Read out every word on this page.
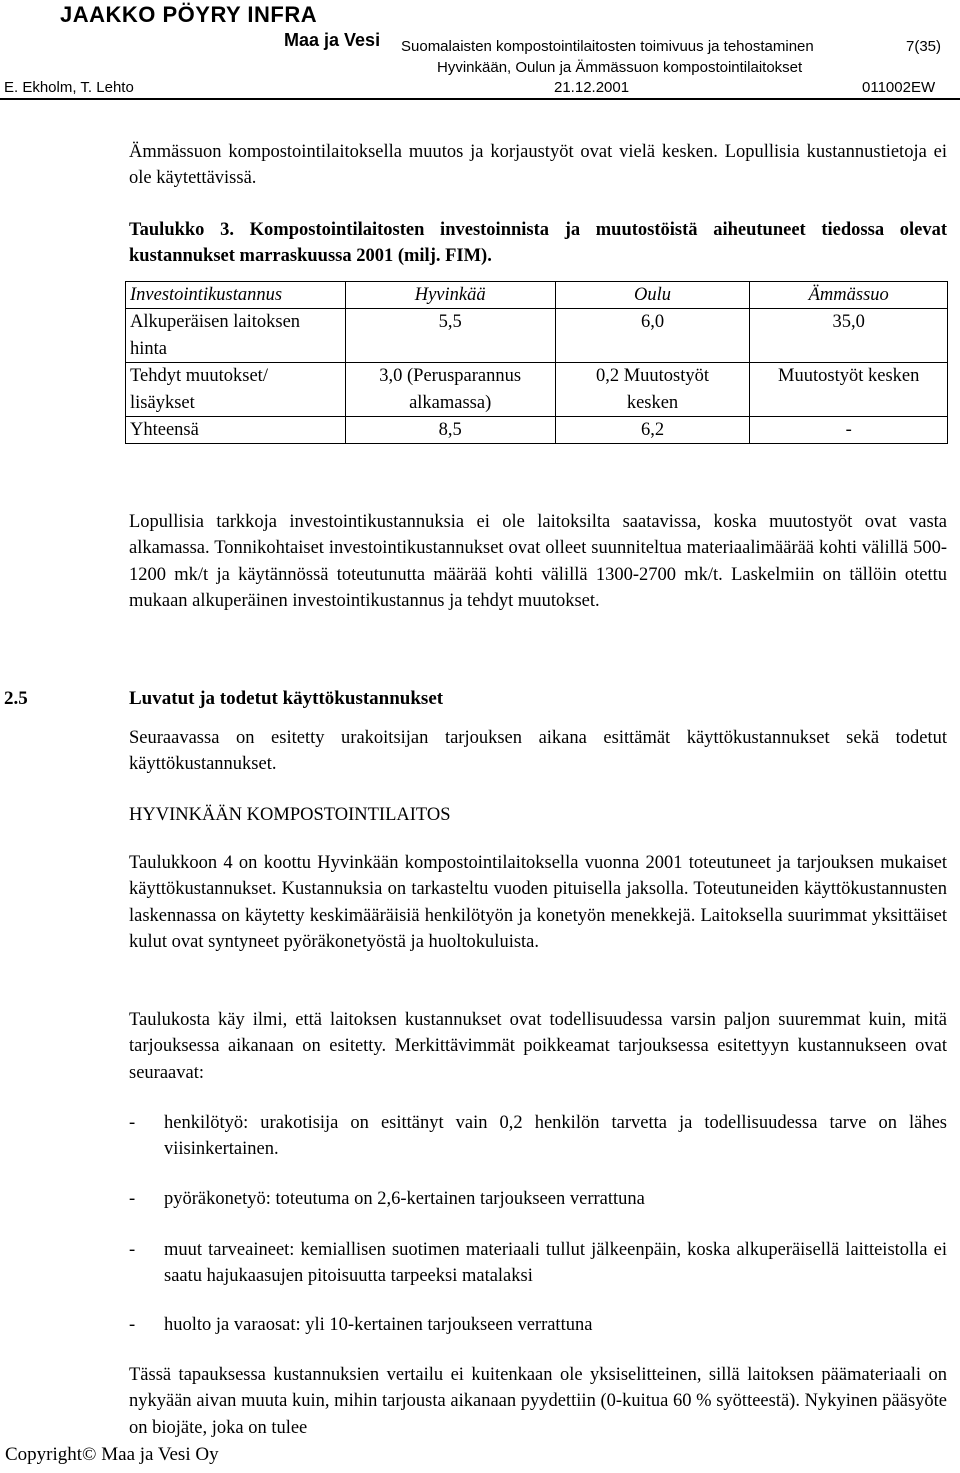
JAAKKO PÖYRY INFRA
Maa ja Vesi Suomalaisten kompostointilaitosten toimivuus ja tehostaminen	7(35)
Hyvinkään, Oulun ja Ämmässuon kompostointilaitokset
E. Ekholm, T. Lehto	21.12.2001	011002EW
Ämmässuon kompostointilaitoksella muutos ja korjaustyöt ovat vielä kesken. Lopullisia kustannustietoja ei ole käytettävissä.
Taulukko 3. Kompostointilaitosten investoinnista ja muutostöistä aiheutuneet tiedossa olevat kustannukset marraskuussa 2001 (milj. FIM).
Investointikustannus	Hyvinkää	Oulu	Ämmässuo
Alkuperäisen laitoksen hinta	5,5	6,0	35,0
Tehdyt muutokset/ lisäykset	3,0 (Perusparannus alkamassa)	0,2 Muutostyöt kesken	Muutostyöt kesken
Yhteensä	8,5	6,2	-
Lopullisia tarkkoja investointikustannuksia ei ole laitoksilta saatavissa, koska muutostyöt ovat vasta alkamassa. Tonnikohtaiset investointikustannukset ovat olleet suunniteltua materiaalimäärää kohti välillä 500-1200 mk/t ja käytännössä toteutunutta määrää kohti välillä 1300-2700 mk/t. Laskelmiin on tällöin otettu mukaan alkuperäinen investointikustannus ja tehdyt muutokset.
2.5	Luvatut ja todetut käyttökustannukset
Seuraavassa on esitetty urakoitsijan tarjouksen aikana esittämät käyttökustannukset sekä todetut käyttökustannukset.
HYVINKÄÄN KOMPOSTOINTILAITOS
Taulukkoon 4 on koottu Hyvinkään kompostointilaitoksella vuonna 2001 toteutuneet ja tarjouksen mukaiset käyttökustannukset. Kustannuksia on tarkasteltu vuoden pituisella jaksolla. Toteutuneiden käyttökustannusten laskennassa on käytetty keskimääräisiä henkilötyön ja konetyön menekkejä. Laitoksella suurimmat yksittäiset kulut ovat syntyneet pyöräkonetyöstä ja huoltokuluista.
Taulukosta käy ilmi, että laitoksen kustannukset ovat todellisuudessa varsin paljon suuremmat kuin, mitä tarjouksessa aikanaan on esitetty. Merkittävimmät poikkeamat tarjouksessa esitettyyn kustannukseen ovat seuraavat:
- henkilötyö: urakotisija on esittänyt vain 0,2 henkilön tarvetta ja todellisuudessa tarve on lähes viisinkertainen.
- pyöräkonetyö: toteutuma on 2,6-kertainen tarjoukseen verrattuna
- muut tarveaineet: kemiallisen suotimen materiaali tullut jälkeenpäin, koska alkuperäisellä laitteistolla ei saatu hajukaasujen pitoisuutta tarpeeksi matalaksi
- huolto ja varaosat: yli 10-kertainen tarjoukseen verrattuna
Tässä tapauksessa kustannuksien vertailu ei kuitenkaan ole yksiselitteinen, sillä laitoksen päämateriaali on nykyään aivan muuta kuin, mihin tarjousta aikanaan pyydettiin (0-kuitua 60 % syötteestä). Nykyinen pääsyöte on biojäte, joka on tulee
Copyright© Maa ja Vesi Oy
